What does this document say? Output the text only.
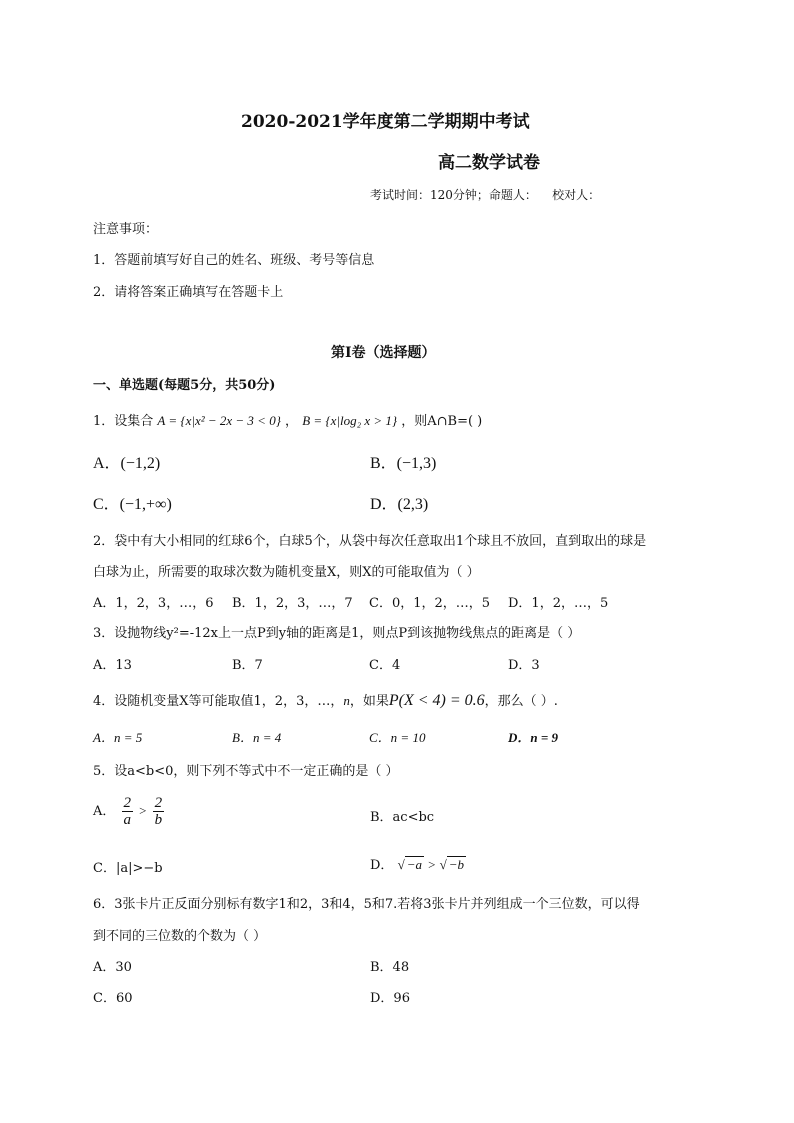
2020-2021学年度第二学期期中考试
高二数学试卷
考试时间：120分钟；命题人：    校对人：
注意事项：
1．答题前填写好自己的姓名、班级、考号等信息
2．请将答案正确填写在答题卡上
第I卷（选择题）
一、单选题(每题5分，共50分)
1．设集合 A = {x|x² − 2x − 3 < 0} ， B = {x|log₂ x > 1} ，则A∩B=( )
A．(−1,2)	B．(−1,3)
C．(−1,+∞)	D．(2,3)
2．袋中有大小相同的红球6个，白球5个，从袋中每次任意取出1个球且不放回，直到取出的球是
白球为止，所需要的取球次数为随机变量X，则X的可能取值为（ ）
A．1，2，3，…，6 B．1，2，3，…，7 C．0，1，2，…，5 D．1，2，…，5
3．设抛物线y²=-12x上一点P到y轴的距离是1，则点P到该抛物线焦点的距离是（ ）
A．13	B．7	C．4	D．3
4．设随机变量X等可能取值1，2，3，…，n，如果P(X < 4) = 0.6，那么（ ）.
A．n = 5	B．n = 4	C．n = 10	D．n = 9
5．设a<b<0，则下列不等式中不一定正确的是（ ）
A． $\frac{2}{a} > \frac{2}{b}$	B．ac<bc
C．|a|>−b	D． √ −a > √ −b
6．3张卡片正反面分别标有数字1和2，3和4，5和7.若将3张卡片并列组成一个三位数，可以得
到不同的三位数的个数为（ ）
A．30	B．48
C．60	D．96
